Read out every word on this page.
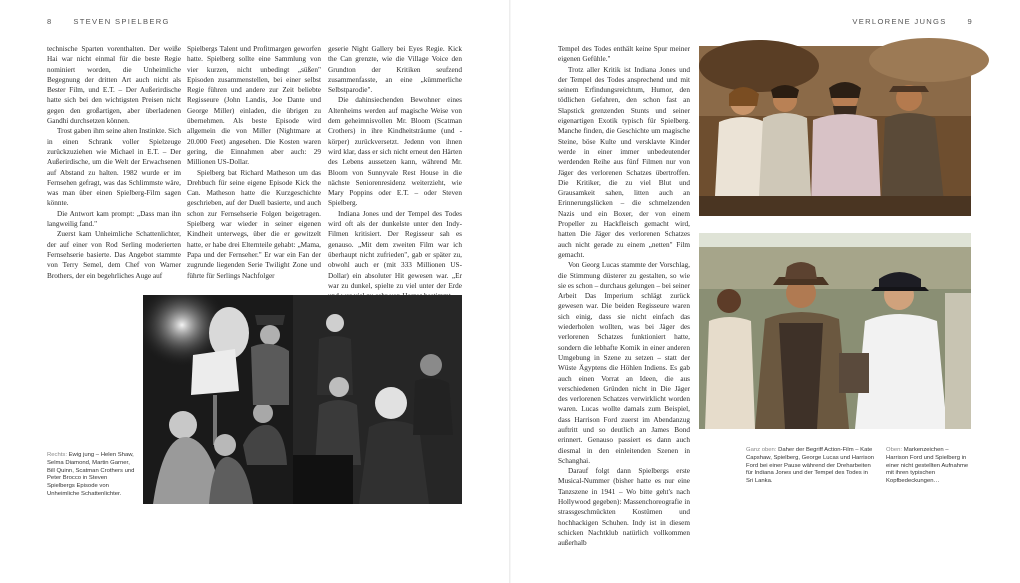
8	STEVEN SPIELBERG

technische Sparten vorenthalten. Der weiße Hai war nicht einmal für die beste Regie nominiert worden, die Unheimliche Begegnung der dritten Art auch nicht als Bester Film, und E.T. – Der Außerirdische hatte sich bei den wichtigsten Preisen nicht gegen den großartigen, aber überladenen Gandhi durchsetzen können.

Trost gaben ihm seine alten Instinkte. Sich in einen Schrank voller Spielzeuge zurückzuziehen wie Michael in E.T. – Der Außerirdische, um die Welt der Erwachsenen auf Abstand zu halten. 1982 wurde er im Fernsehen gefragt, was das Schlimmste wäre, was man über einen Spielberg-Film sagen könnte.

Die Antwort kam prompt: „Dass man ihn langweilig fand."

Zuerst kam Unheimliche Schattenlichter, der auf einer von Rod Serling moderierten Fernsehserie basierte. Das Angebot stammte von Terry Semel, dem Chef von Warner Brothers, der ein begehrliches Auge auf

Spielbergs Talent und Profitmargen geworfen hatte. Spielberg sollte eine Sammlung von vier kurzen, nicht unbedingt „süßen" Episoden zusammenstellen, bei einer selbst Regie führen und andere zur Zeit beliebte Regisseure (John Landis, Joe Dante und George Miller) einladen, die übrigen zu übernehmen. Als beste Episode wird allgemein die von Miller (Nightmare at 20.000 Feet) angesehen. Die Kosten waren gering, die Einnahmen aber auch: 29 Millionen US-Dollar.

Spielberg bat Richard Matheson um das Drehbuch für seine eigene Episode Kick the Can. Matheson hatte die Kurzgeschichte geschrieben, auf der Duell basierte, und auch schon zur Fernsehserie Folgen beigetragen. Spielberg war wieder in seiner eigenen Kindheit unterwegs, über die er gewitzelt hatte, er habe drei Elternteile gehabt: „Mama, Papa und der Fernseher." Er war ein Fan der zugrunde liegenden Serie Twilight Zone und führte für Serlings Nachfolger

geserie Night Gallery bei Eyes Regie. Kick the Can grenzte, wie die Village Voice den Grundton der Kritiken seufzend zusammenfasste, an eine „kümmerliche Selbstparodie".

Die dahinsiechenden Bewohner eines Altenheims werden auf magische Weise von dem geheimnisvollen Mr. Bloom (Scatman Crothers) in ihre Kindheitsträume (und -körper) zurückversetzt. Jedenn von ihnen wird klar, dass er sich nicht erneut den Härten des Lebens aussetzen kann, während Mr. Bloom von Sunnyvale Rest House in die nächste Seniorenresidenz weiterzieht, wie Mary Poppins oder E.T. – oder Steven Spielberg.

Indiana Jones und der Tempel des Todes wird oft als der dunkelste unter den Indy-Filmen kritisiert. Der Regisseur sah es genauso. „Mit dem zweiten Film war ich überhaupt nicht zufrieden", gab er später zu, obwohl auch er (mit 333 Millionen US-Dollar) ein absoluter Hit gewesen war. „Er war zu dunkel, spielte zu viel unter der Erde

Rechts: Ewig jung – Helen Shaw, Selma Diamond, Martin Garner, Bill Quinn, Scatman Crothers und Peter Brocco in Steven Spielbergs Episode von Unheimliche Schattenlichter.
VERLORENE JUNGS	9

Tempel des Todes enthält keine Spur meiner eigenen Gefühle."

Trotz aller Kritik ist Indiana Jones und der Tempel des Todes ansprechend und mit seinem Erfindungsreichtum, Humor, den tödlichen Gefahren, den schon fast an Slapstick grenzenden Stunts und seiner eigenartigen Exotik typisch für Spielberg. Manche finden, die Geschichte um magische Steine, böse Kulte und versklavte Kinder werde in einer immer unbedeutender werdenden Reihe aus fünf Filmen nur von Jäger des verlorenen Schatzes übertroffen. Die Kritiker, die zu viel Blut und Grausamkeit sahen, litten auch an Erinnerungslücken – die schmelzenden Nazis und ein Boxer, der von einem Propeller zu Hackfleisch gemacht wird, hatten Die Jäger des verlorenen Schatzes auch nicht gerade zu einem „netten" Film gemacht.

Von Georg Lucas stammte der Vorschlag, die Stimmung düsterer zu gestalten, so wie sie es schon – durchaus gelungen – bei seiner Arbeit Das Imperium schlägt zurück gewesen war. Die beiden Regisseure waren sich einig, dass sie nicht einfach das wiederholen wollten, was bei Jäger des verlorenen Schatzes funktioniert hatte, sondern die lebhafte Komik in einer anderen Umgebung in Szene zu setzen – statt der Wüste Ägyptens die Höhlen Indiens. Es gab auch einen Vorrat an Ideen, die aus verschiedenen Gründen nicht in Die Jäger des verlorenen Schatzes verwirklicht worden waren. Lucas wollte damals zum Beispiel, dass Harrison Ford zuerst im Abendanzug auftritt und so deutlich an James Bond erinnert. Genauso passiert es dann auch diesmal in den einleitenden Szenen in Schanghai.

Darauf folgt dann Spielbergs erste Musical-Nummer (bisher hatte es nur eine Tanzszene in 1941 – Wo bitte geht's nach Hollywood gegeben): Massenchoreografie in strassgeschmückten Kostümen und hochhackigen Schuhen. Indy ist in diesem schicken Nachtklub natürlich vollkommen außerhalb

Ganz oben: Daher der Begriff Action-Film – Kate Capshaw, Spielberg, George Lucas und Harrison Ford bei einer Pause während der Dreharbeiten für Indiana Jones und der Tempel des Todes in Sri Lanka.
Oben: Markenzeichen – Harrison Ford und Spielberg in einer nicht gestellten Aufnahme mit ihren typischen Kopfbedeckungen…
